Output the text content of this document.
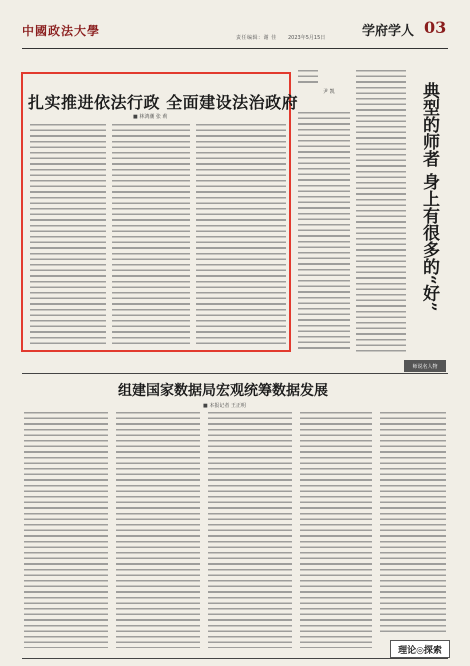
中國政法大學	责任编辑：谢 佳 2023年5月15日	学府学人 03
扎实推进依法行政 全面建设法治政府
■ 林鸿潮 张 莉
尹 凯	典型的师者 身上有很多的“好”
师说名人物
组建国家数据局宏观统筹数据发展
■ 本报记者 王正明
理论◎探索
